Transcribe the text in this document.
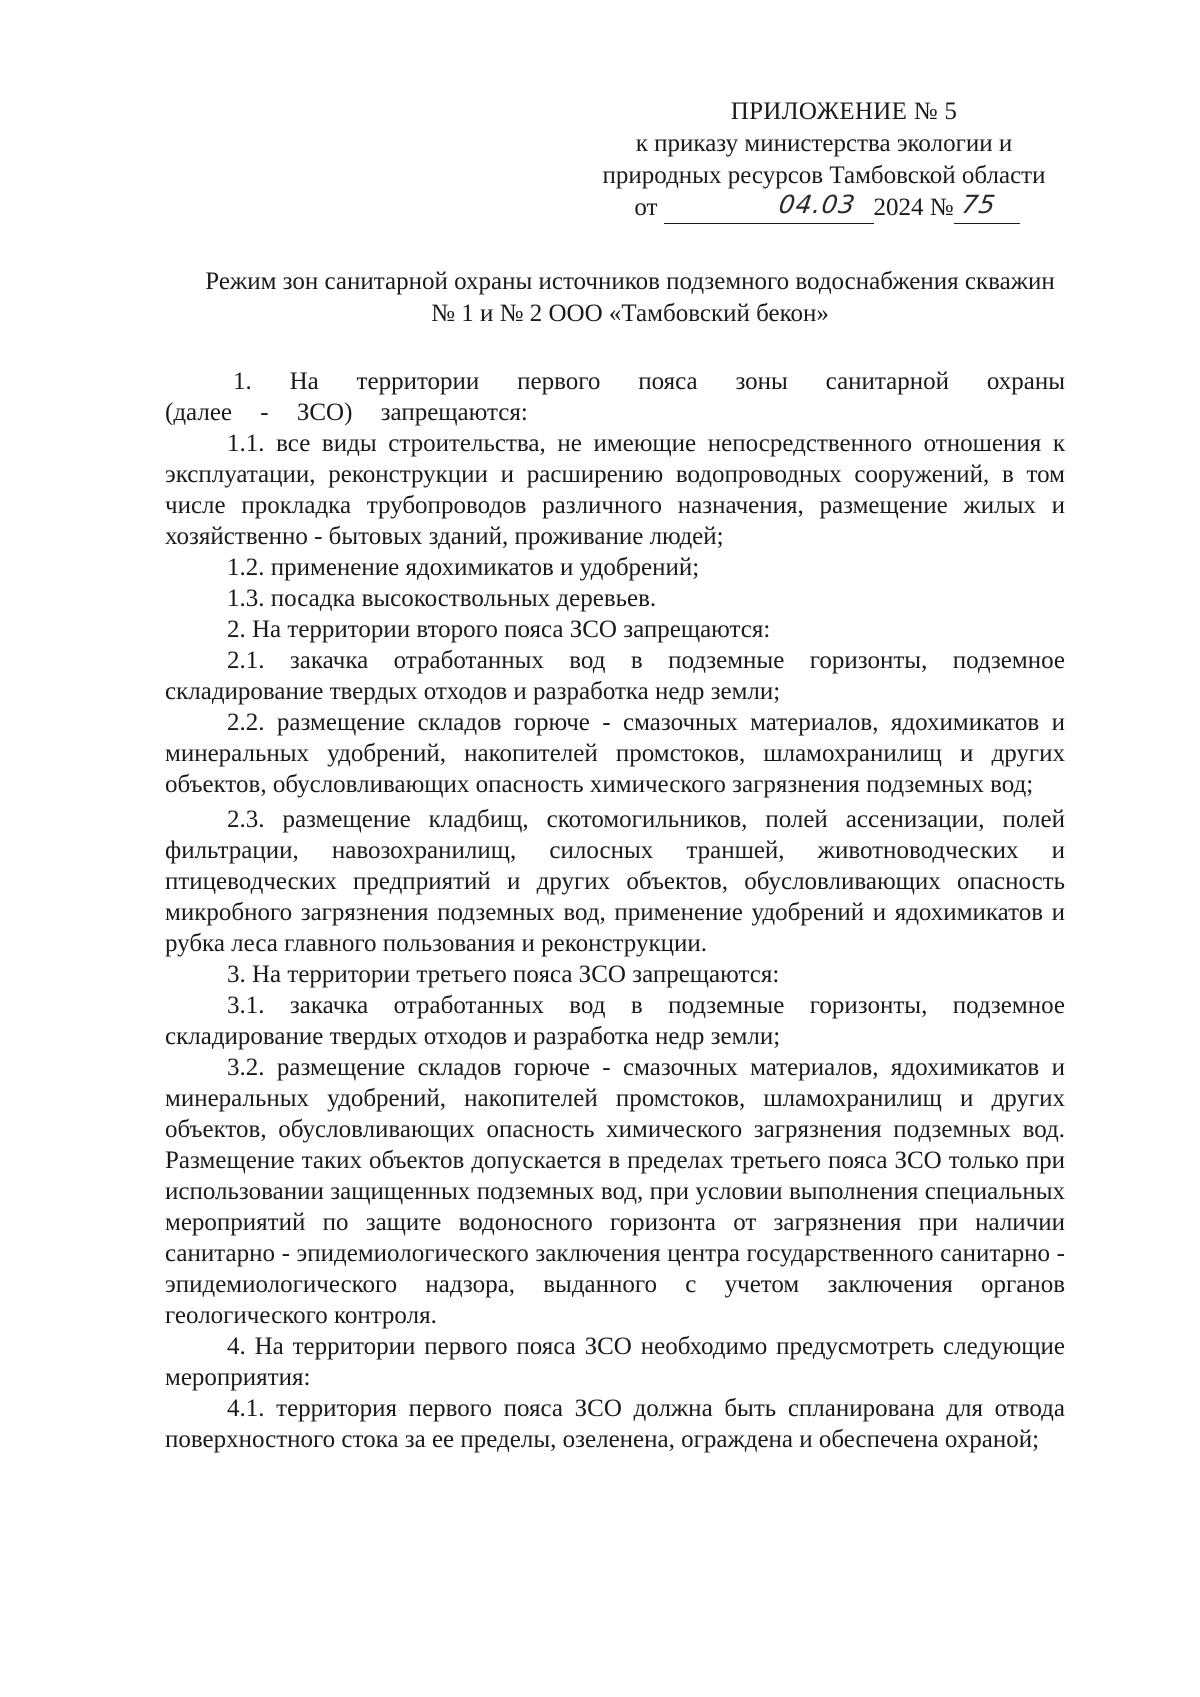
ПРИЛОЖЕНИЕ № 5
к приказу министерства экологии и
природных ресурсов Тамбовской области
от	04.03 2024 № 75
Режим зон санитарной охраны источников подземного водоснабжения скважин
№ 1 и № 2 ООО «Тамбовский бекон»

1. На территории первого пояса зоны санитарной охраны (далее - ЗСО) запрещаются:

1.1. все виды строительства, не имеющие непосредственного отношения к эксплуатации, реконструкции и расширению водопроводных сооружений, в том числе прокладка трубопроводов различного назначения, размещение жилых и хозяйственно - бытовых зданий, проживание людей;

1.2. применение ядохимикатов и удобрений;

1.3. посадка высокоствольных деревьев.

2. На территории второго пояса ЗСО запрещаются:

2.1. закачка отработанных вод в подземные горизонты, подземное складирование твердых отходов и разработка недр земли;

2.2. размещение складов горюче - смазочных материалов, ядохимикатов и минеральных удобрений, накопителей промстоков, шламохранилищ и других объектов, обусловливающих опасность химического загрязнения подземных вод;

2.3. размещение кладбищ, скотомогильников, полей ассенизации, полей фильтрации, навозохранилищ, силосных траншей, животноводческих и птицеводческих предприятий и других объектов, обусловливающих опасность микробного загрязнения подземных вод, применение удобрений и ядохимикатов и рубка леса главного пользования и реконструкции.

3. На территории третьего пояса ЗСО запрещаются:

3.1. закачка отработанных вод в подземные горизонты, подземное складирование твердых отходов и разработка недр земли;

3.2. размещение складов горюче - смазочных материалов, ядохимикатов и минеральных удобрений, накопителей промстоков, шламохранилищ и других объектов, обусловливающих опасность химического загрязнения подземных вод. Размещение таких объектов допускается в пределах третьего пояса ЗСО только при использовании защищенных подземных вод, при условии выполнения специальных мероприятий по защите водоносного горизонта от загрязнения при наличии санитарно - эпидемиологического заключения центра государственного санитарно - эпидемиологического надзора, выданного с учетом заключения органов геологического контроля.

4. На территории первого пояса ЗСО необходимо предусмотреть следующие мероприятия:

4.1. территория первого пояса ЗСО должна быть спланирована для отвода поверхностного стока за ее пределы, озеленена, ограждена и обеспечена охраной;
